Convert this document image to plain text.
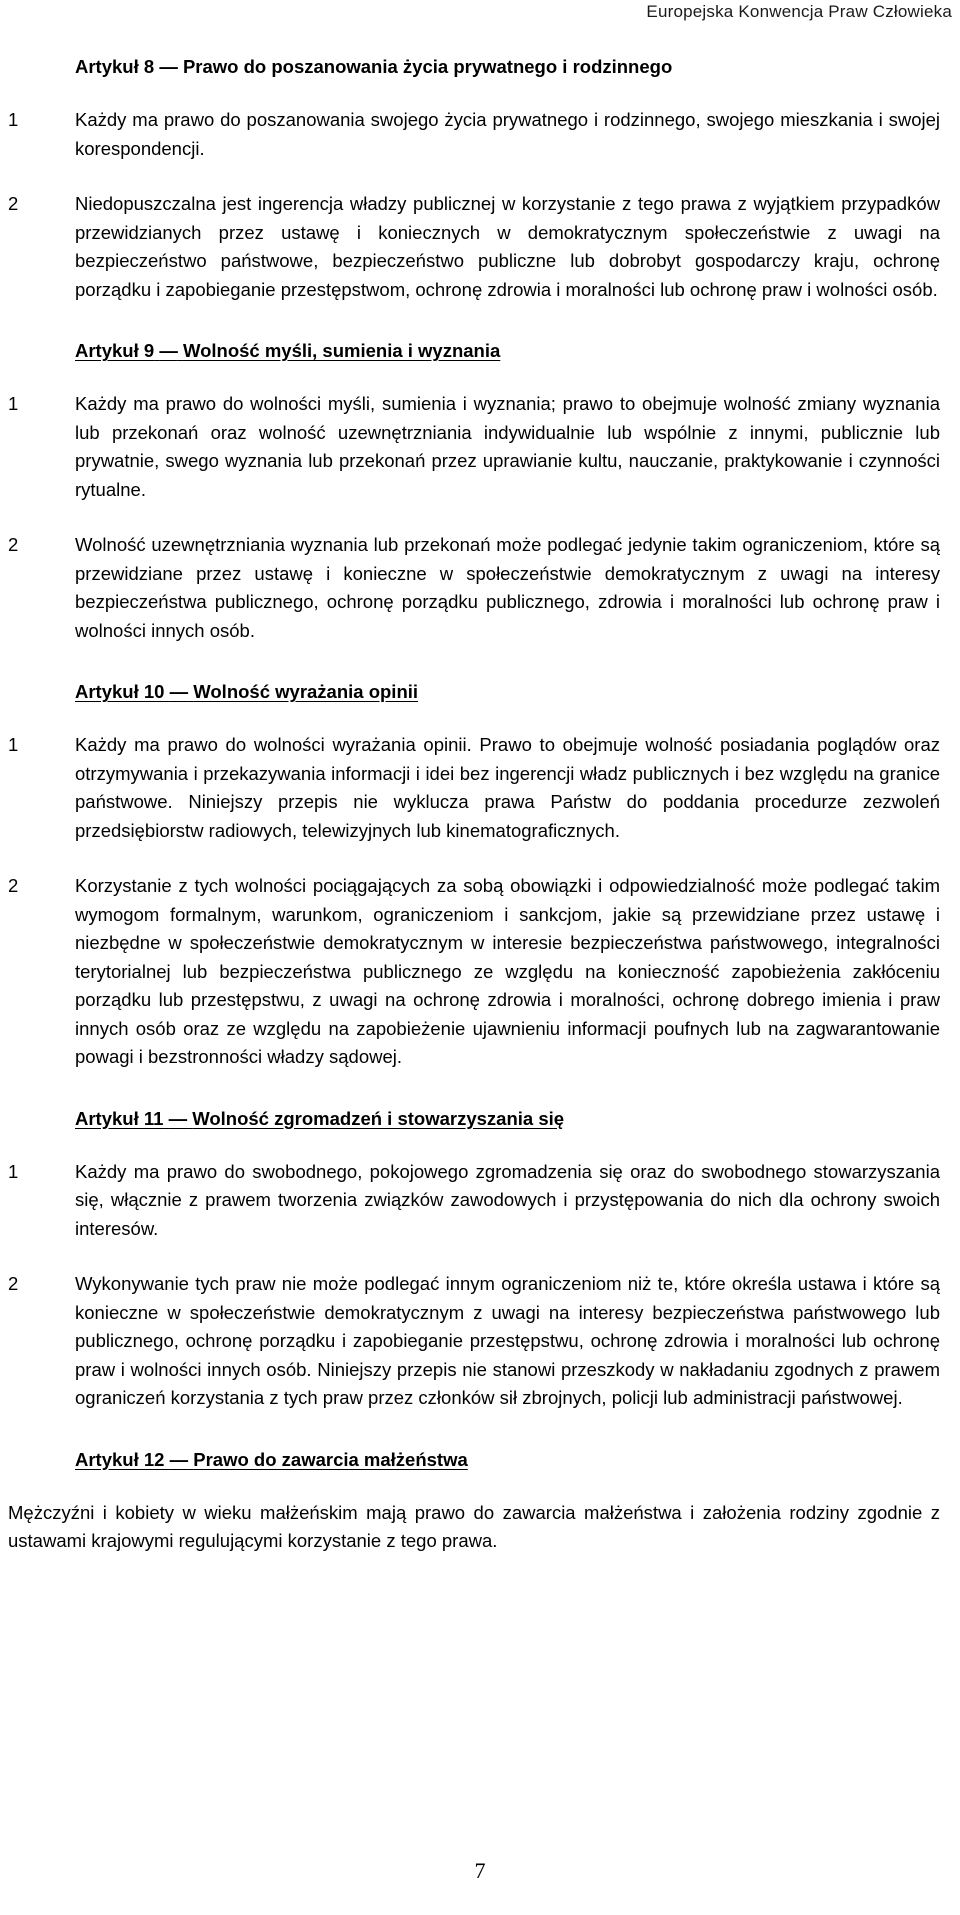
Europejska Konwencja Praw Człowieka
Artykuł 8 — Prawo do poszanowania życia prywatnego i rodzinnego

1	Każdy ma prawo do poszanowania swojego życia prywatnego i rodzinnego, swojego mieszkania i swojej korespondencji.

2	Niedopuszczalna jest ingerencja władzy publicznej w korzystanie z tego prawa z wyjątkiem przypadków przewidzianych przez ustawę i koniecznych w demokratycznym społeczeństwie z uwagi na bezpieczeństwo państwowe, bezpieczeństwo publiczne lub dobrobyt gospodarczy kraju, ochronę porządku i zapobieganie przestępstwom, ochronę zdrowia i moralności lub ochronę praw i wolności osób.

Artykuł 9 — Wolność myśli, sumienia i wyznania

1	Każdy ma prawo do wolności myśli, sumienia i wyznania; prawo to obejmuje wolność zmiany wyznania lub przekonań oraz wolność uzewnętrzniania indywidualnie lub wspólnie z innymi, publicznie lub prywatnie, swego wyznania lub przekonań przez uprawianie kultu, nauczanie, praktykowanie i czynności rytualne.

2	Wolność uzewnętrzniania wyznania lub przekonań może podlegać jedynie takim ograniczeniom, które są przewidziane przez ustawę i konieczne w społeczeństwie demokratycznym z uwagi na interesy bezpieczeństwa publicznego, ochronę porządku publicznego, zdrowia i moralności lub ochronę praw i wolności innych osób.

Artykuł 10 — Wolność wyrażania opinii

1	Każdy ma prawo do wolności wyrażania opinii. Prawo to obejmuje wolność posiadania poglądów oraz otrzymywania i przekazywania informacji i idei bez ingerencji władz publicznych i bez względu na granice państwowe. Niniejszy przepis nie wyklucza prawa Państw do poddania procedurze zezwoleń przedsiębiorstw radiowych, telewizyjnych lub kinematograficznych.

2	Korzystanie z tych wolności pociągających za sobą obowiązki i odpowiedzialność może podlegać takim wymogom formalnym, warunkom, ograniczeniom i sankcjom, jakie są przewidziane przez ustawę i niezbędne w społeczeństwie demokratycznym w interesie bezpieczeństwa państwowego, integralności terytorialnej lub bezpieczeństwa publicznego ze względu na konieczność zapobieżenia zakłóceniu porządku lub przestępstwu, z uwagi na ochronę zdrowia i moralności, ochronę dobrego imienia i praw innych osób oraz ze względu na zapobieżenie ujawnieniu informacji poufnych lub na zagwarantowanie powagi i bezstronności władzy sądowej.

Artykuł 11 — Wolność zgromadzeń i stowarzyszania się

1	Każdy ma prawo do swobodnego, pokojowego zgromadzenia się oraz do swobodnego stowarzyszania się, włącznie z prawem tworzenia związków zawodowych i przystępowania do nich dla ochrony swoich interesów.

2	Wykonywanie tych praw nie może podlegać innym ograniczeniom niż te, które określa ustawa i które są konieczne w społeczeństwie demokratycznym z uwagi na interesy bezpieczeństwa państwowego lub publicznego, ochronę porządku i zapobieganie przestępstwu, ochronę zdrowia i moralności lub ochronę praw i wolności innych osób. Niniejszy przepis nie stanowi przeszkody w nakładaniu zgodnych z prawem ograniczeń korzystania z tych praw przez członków sił zbrojnych, policji lub administracji państwowej.

Artykuł 12 — Prawo do zawarcia małżeństwa

Mężczyźni i kobiety w wieku małżeńskim mają prawo do zawarcia małżeństwa i założenia rodziny zgodnie z ustawami krajowymi regulującymi korzystanie z tego prawa.

7
